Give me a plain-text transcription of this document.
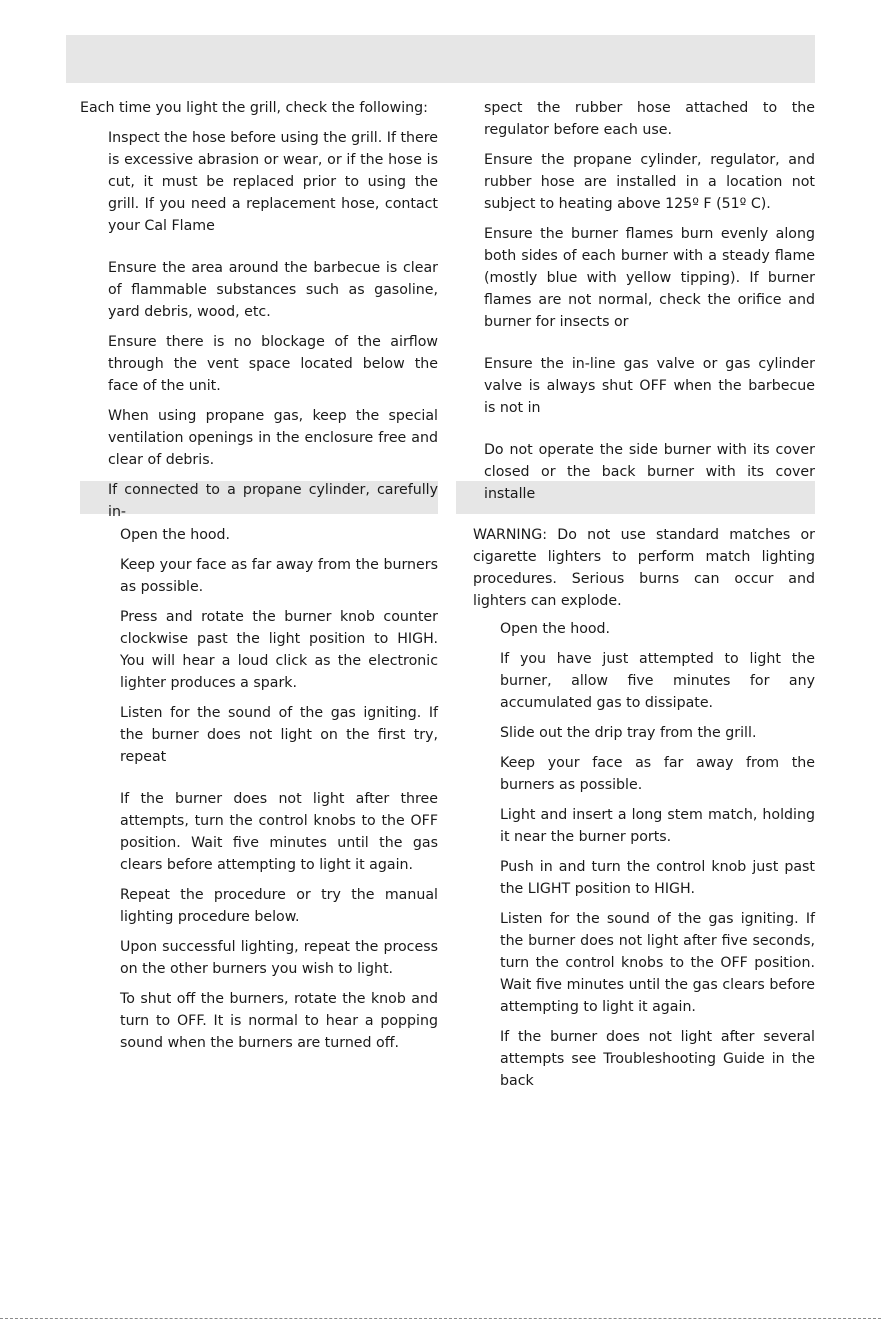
Each time you light the grill, check the following:

Inspect the hose before using the grill. If there is excessive abrasion or wear, or if the hose is cut, it must be replaced prior to using the grill. If you need a replacement hose, contact your Cal Flame

Ensure the area around the barbecue is clear of flammable substances such as gasoline, yard debris, wood, etc.

Ensure there is no blockage of the airflow through the vent space located below the face of the unit.

When using propane gas, keep the special ventilation openings in the enclosure free and clear of debris.

If connected to a propane cylinder, carefully in-

spect the rubber hose attached to the regulator before each use.

Ensure the propane cylinder, regulator, and rubber hose are installed in a location not subject to heating above 125º F (51º C).

Ensure the burner flames burn evenly along both sides of each burner with a steady flame (mostly blue with yellow tipping). If burner flames are not normal, check the orifice and burner for insects or

Ensure the in-line gas valve or gas cylinder valve is always shut OFF when the barbecue is not in

Do not operate the side burner with its cover closed or the back burner with its cover installe

Open the hood.

Keep your face as far away from the burners as possible.

Press and rotate the burner knob counter clockwise past the light position to HIGH. You will hear a loud click as the electronic lighter produces a spark.

Listen for the sound of the gas igniting. If the burner does not light on the first try, repeat

If the burner does not light after three attempts, turn the control knobs to the OFF position. Wait five minutes until the gas clears before attempting to light it again.

Repeat the procedure or try the manual lighting procedure below.

Upon successful lighting, repeat the process on the other burners you wish to light.

To shut off the burners, rotate the knob and turn to OFF. It is normal to hear a popping sound when the burners are turned off.

WARNING: Do not use standard matches or cigarette lighters to perform match lighting procedures. Serious burns can occur and lighters can explode.

Open the hood.

If you have just attempted to light the burner, allow five minutes for any accumulated gas to dissipate.

Slide out the drip tray from the grill.

Keep your face as far away from the burners as possible.

Light and insert a long stem match, holding it near the burner ports.

Push in and turn the control knob just past the LIGHT position to HIGH.

Listen for the sound of the gas igniting. If the burner does not light after five seconds, turn the control knobs to the OFF position. Wait five minutes until the gas clears before attempting to light it again.

If the burner does not light after several attempts see Troubleshooting Guide in the back
